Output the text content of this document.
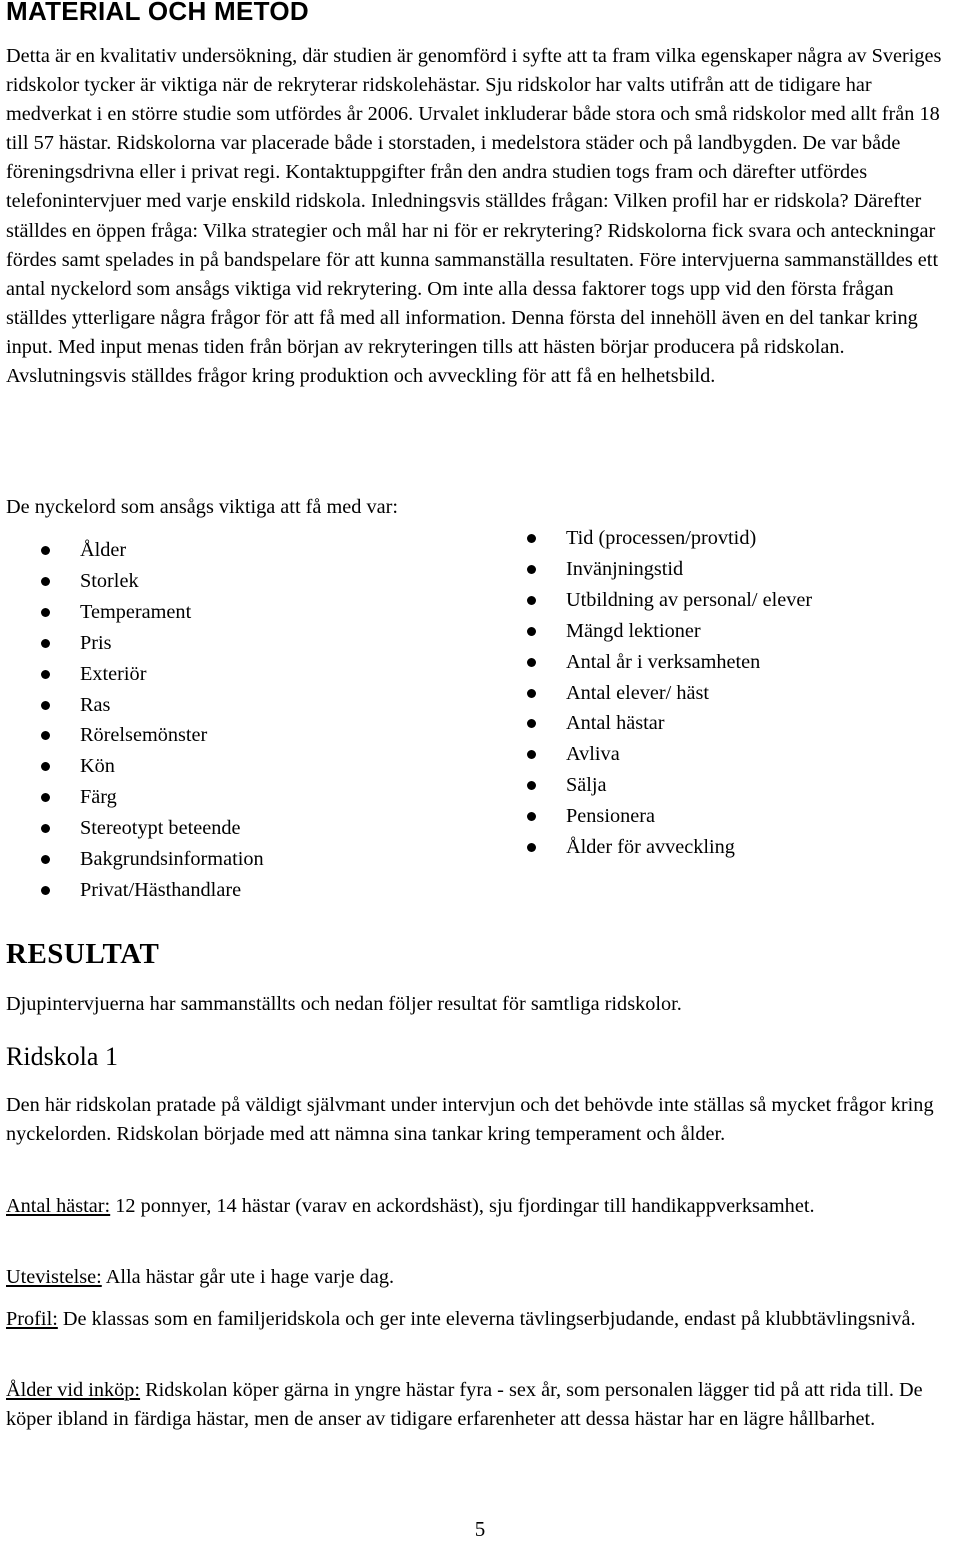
MATERIAL OCH METOD

Detta är en kvalitativ undersökning, där studien är genomförd i syfte att ta fram vilka egenskaper några av Sveriges ridskolor tycker är viktiga när de rekryterar ridskolehästar. Sju ridskolor har valts utifrån att de tidigare har medverkat i en större studie som utfördes år 2006. Urvalet inkluderar både stora och små ridskolor med allt från 18 till 57 hästar. Ridskolorna var placerade både i storstaden, i medelstora städer och på landbygden. De var både föreningsdrivna eller i privat regi. Kontaktuppgifter från den andra studien togs fram och därefter utfördes telefonintervjuer med varje enskild ridskola. Inledningsvis ställdes frågan: Vilken profil har er ridskola? Därefter ställdes en öppen fråga: Vilka strategier och mål har ni för er rekrytering? Ridskolorna fick svara och anteckningar fördes samt spelades in på bandspelare för att kunna sammanställa resultaten. Före intervjuerna sammanställdes ett antal nyckelord som ansågs viktiga vid rekrytering. Om inte alla dessa faktorer togs upp vid den första frågan ställdes ytterligare några frågor för att få med all information. Denna första del innehöll även en del tankar kring input. Med input menas tiden från början av rekryteringen tills att hästen börjar producera på ridskolan. Avslutningsvis ställdes frågor kring produktion och avveckling för att få en helhetsbild.

De nyckelord som ansågs viktiga att få med var:

Ålder
Storlek
Temperament
Pris
Exteriör
Ras
Rörelsemönster
Kön
Färg
Stereotypt beteende
Bakgrundsinformation
Privat/Hästhandlare
Tid (processen/provtid)
Invänjningstid
Utbildning av personal/ elever
Mängd lektioner
Antal år i verksamheten
Antal elever/ häst
Antal hästar
Avliva
Sälja
Pensionera
Ålder för avveckling
RESULTAT

Djupintervjuerna har sammanställts och nedan följer resultat för samtliga ridskolor.

Ridskola 1

Den här ridskolan pratade på väldigt självmant under intervjun och det behövde inte ställas så mycket frågor kring nyckelorden. Ridskolan började med att nämna sina tankar kring temperament och ålder.

Antal hästar: 12 ponnyer, 14 hästar (varav en ackordshäst), sju fjordingar till handikappverksamhet.

Utevistelse: Alla hästar går ute i hage varje dag.

Profil: De klassas som en familjeridskola och ger inte eleverna tävlingserbjudande, endast på klubbtävlingsnivå.

Ålder vid inköp: Ridskolan köper gärna in yngre hästar fyra - sex år, som personalen lägger tid på att rida till. De köper ibland in färdiga hästar, men de anser av tidigare erfarenheter att dessa hästar har en lägre hållbarhet.

5
